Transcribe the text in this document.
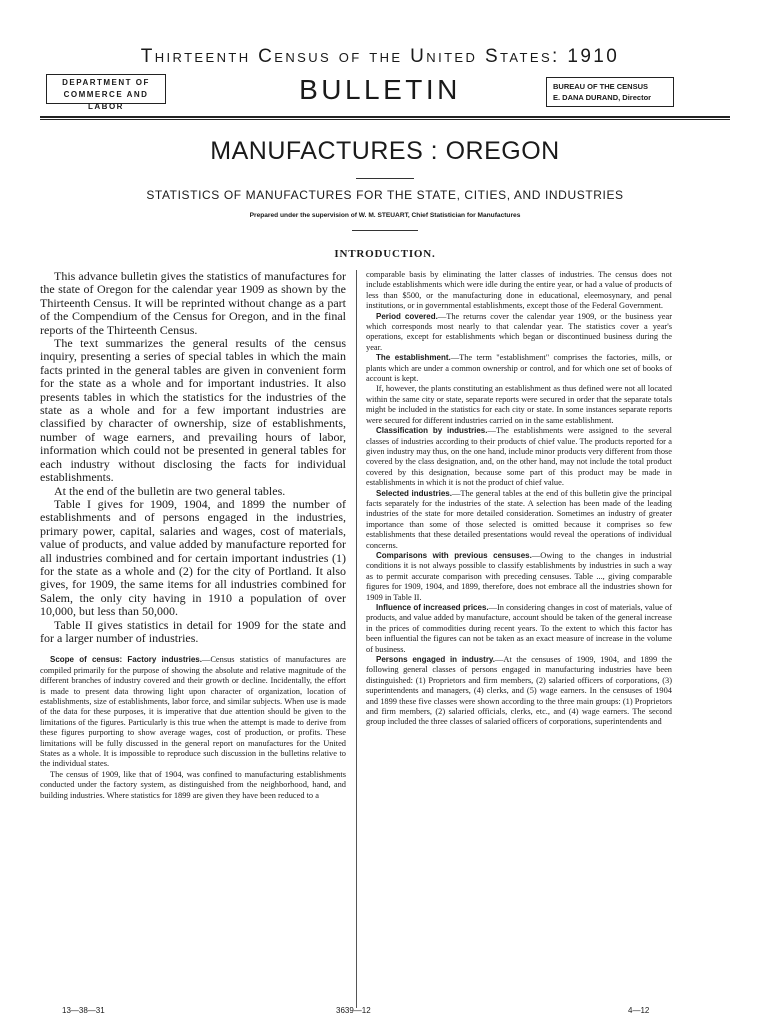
Thirteenth Census of the United States: 1910
DEPARTMENT OF
COMMERCE AND LABOR
BULLETIN	BUREAU OF THE CENSUS
E. DANA DURAND, Director
MANUFACTURES : OREGON
STATISTICS OF MANUFACTURES FOR THE STATE, CITIES, AND INDUSTRIES
Prepared under the supervision of W. M. STEUART, Chief Statistician for Manufactures
INTRODUCTION.

This advance bulletin gives the statistics of manufactures for the state of Oregon for the calendar year 1909 as shown by the Thirteenth Census. It will be reprinted without change as a part of the Compendium of the Census for Oregon, and in the final reports of the Thirteenth Census.

The text summarizes the general results of the census inquiry, presenting a series of special tables in which the main facts printed in the general tables are given in convenient form for the state as a whole and for important industries. It also presents tables in which the statistics for the industries of the state as a whole and for a few important industries are classified by character of ownership, size of establishments, number of wage earners, and prevailing hours of labor, information which could not be presented in general tables for each industry without disclosing the facts for individual establishments.

At the end of the bulletin are two general tables.

Table I gives for 1909, 1904, and 1899 the number of establishments and of persons engaged in the industries, primary power, capital, salaries and wages, cost of materials, value of products, and value added by manufacture reported for all industries combined and for certain important industries (1) for the state as a whole and (2) for the city of Portland. It also gives, for 1909, the same items for all industries combined for Salem, the only city having in 1910 a population of over 10,000, but less than 50,000.

Table II gives statistics in detail for 1909 for the state and for a larger number of industries.

Scope of census: Factory industries.—Census statistics of manufactures are compiled primarily for the purpose of showing the absolute and relative magnitude of the different branches of industry covered and their growth or decline. Incidentally, the effort is made to present data throwing light upon character of organization, location of establishments, size of establishments, labor force, and similar subjects. When use is made of the data for these purposes, it is imperative that due attention should be given to the limitations of the figures. Particularly is this true when the attempt is made to derive from these figures purporting to show average wages, cost of production, or profits. These limitations will be fully discussed in the general report on manufactures for the United States as a whole. It is impossible to reproduce such discussion in the bulletins relative to the individual states.

The census of 1909, like that of 1904, was confined to manufacturing establishments conducted under the factory system, as distinguished from the neighborhood, hand, and building industries. Where statistics for 1899 are given they have been reduced to a

comparable basis by eliminating the latter classes of industries. The census does not include establishments which were idle during the entire year, or had a value of products of less than $500, or the manufacturing done in educational, eleemosynary, and penal institutions, or in governmental establishments, except those of the Federal Government.

Period covered.—The returns cover the calendar year 1909, or the business year which corresponds most nearly to that calendar year. The statistics cover a year's operations, except for establishments which began or discontinued business during the year.

The establishment.—The term "establishment" comprises the factories, mills, or plants which are under a common ownership or control, and for which one set of books of account is kept.

If, however, the plants constituting an establishment as thus defined were not all located within the same city or state, separate reports were secured in order that the separate totals might be included in the statistics for each city or state. In some instances separate reports were secured for different industries carried on in the same establishment.

Classification by industries.—The establishments were assigned to the several classes of industries according to their products of chief value. The products reported for a given industry may thus, on the one hand, include minor products very different from those covered by the class designation, and, on the other hand, may not include the total product covered by this designation, because some part of this product may be made in establishments in which it is not the product of chief value.

Selected industries.—The general tables at the end of this bulletin give the principal facts separately for the industries of the state. A selection has been made of the leading industries of the state for more detailed consideration. Sometimes an industry of greater importance than some of those selected is omitted because it comprises so few establishments that these detailed presentations would reveal the operations of individual concerns.

Comparisons with previous censuses.—Owing to the changes in industrial conditions it is not always possible to classify establishments by industries in such a way as to permit accurate comparison with preceding censuses. Table ..., giving comparable figures for 1909, 1904, and 1899, therefore, does not embrace all the industries shown for 1909 in Table II.

Influence of increased prices.—In considering changes in cost of materials, value of products, and value added by manufacture, account should be taken of the general increase in the prices of commodities during recent years. To the extent to which this factor has been influential the figures can not be taken as an exact measure of increase in the volume of business.

Persons engaged in industry.—At the censuses of 1909, 1904, and 1899 the following general classes of persons engaged in manufacturing industries have been distinguished: (1) Proprietors and firm members, (2) salaried officers of corporations, (3) superintendents and managers, (4) clerks, and (5) wage earners. In the censuses of 1904 and 1899 these five classes were shown according to the three main groups: (1) Proprietors and firm members, (2) salaried officials, clerks, etc., and (4) wage earners. The second group included the three classes of salaried officers of corporations, superintendents and

13—38—31	3639—12	4—12
